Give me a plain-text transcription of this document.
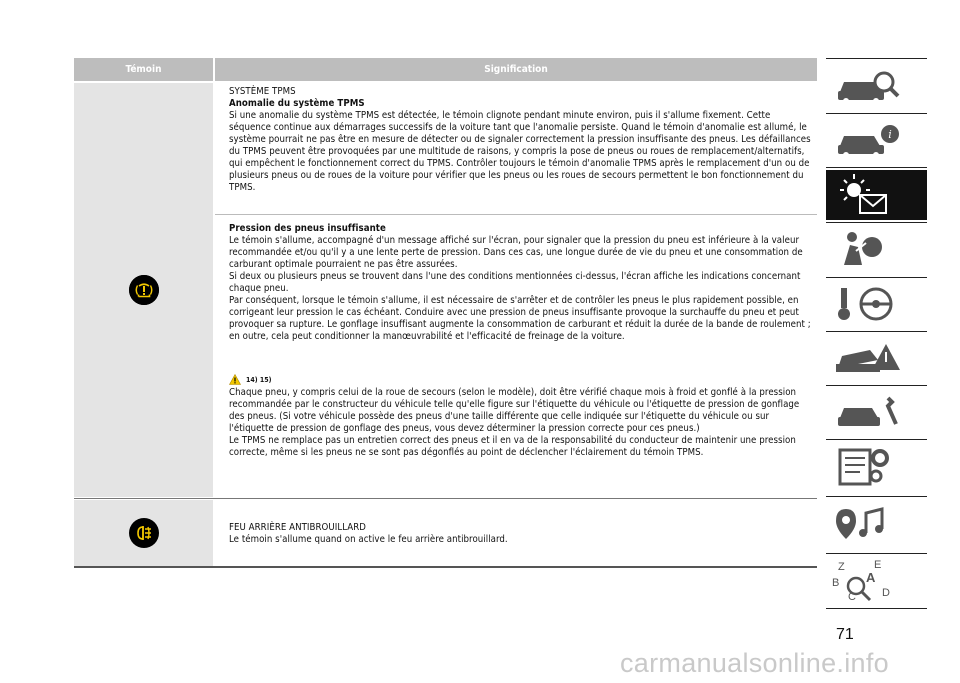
Témoin	Signification

SYSTÈME TPMS

Anomalie du système TPMS

Si une anomalie du système TPMS est détectée, le témoin clignote pendant minute environ, puis il s'allume fixement. Cette séquence continue aux démarrages successifs de la voiture tant que l'anomalie persiste. Quand le témoin d'anomalie est allumé, le système pourrait ne pas être en mesure de détecter ou de signaler correctement la pression insuffisante des pneus. Les défaillances du TPMS peuvent être provoquées par une multitude de raisons, y compris la pose de pneus ou roues de remplacement/alternatifs, qui empêchent le fonctionnement correct du TPMS. Contrôler toujours le témoin d'anomalie TPMS après le remplacement d'un ou de plusieurs pneus ou de roues de la voiture pour vérifier que les pneus ou les roues de secours permettent le bon fonctionnement du TPMS.

Pression des pneus insuffisante

Le témoin s'allume, accompagné d'un message affiché sur l'écran, pour signaler que la pression du pneu est inférieure à la valeur recommandée et/ou qu'il y a une lente perte de pression. Dans ces cas, une longue durée de vie du pneu et une consommation de carburant optimale pourraient ne pas être assurées.

Si deux ou plusieurs pneus se trouvent dans l'une des conditions mentionnées ci-dessus, l'écran affiche les indications concernant chaque pneu.

Par conséquent, lorsque le témoin s'allume, il est nécessaire de s'arrêter et de contrôler les pneus le plus rapidement possible, en corrigeant leur pression le cas échéant. Conduire avec une pression de pneus insuffisante provoque la surchauffe du pneu et peut provoquer sa rupture. Le gonflage insuffisant augmente la consommation de carburant et réduit la durée de la bande de roulement ; en outre, cela peut conditionner la manœuvrabilité et l'efficacité de freinage de la voiture.

14) 15)

Chaque pneu, y compris celui de la roue de secours (selon le modèle), doit être vérifié chaque mois à froid et gonflé à la pression recommandée par le constructeur du véhicule telle qu'elle figure sur l'étiquette du véhicule ou l'étiquette de pression de gonflage des pneus. (Si votre véhicule possède des pneus d'une taille différente que celle indiquée sur l'étiquette du véhicule ou sur l'étiquette de pression de gonflage des pneus, vous devez déterminer la pression correcte pour ces pneus.)

Le TPMS ne remplace pas un entretien correct des pneus et il en va de la responsabilité du conducteur de maintenir une pression correcte, même si les pneus ne se sont pas dégonflés au point de déclencher l'éclairement du témoin TPMS.

FEU ARRIÈRE ANTIBROUILLARD

Le témoin s'allume quand on active le feu arrière antibrouillard.

i
Z	E
B A
C D
71
carmanualsonline.info
